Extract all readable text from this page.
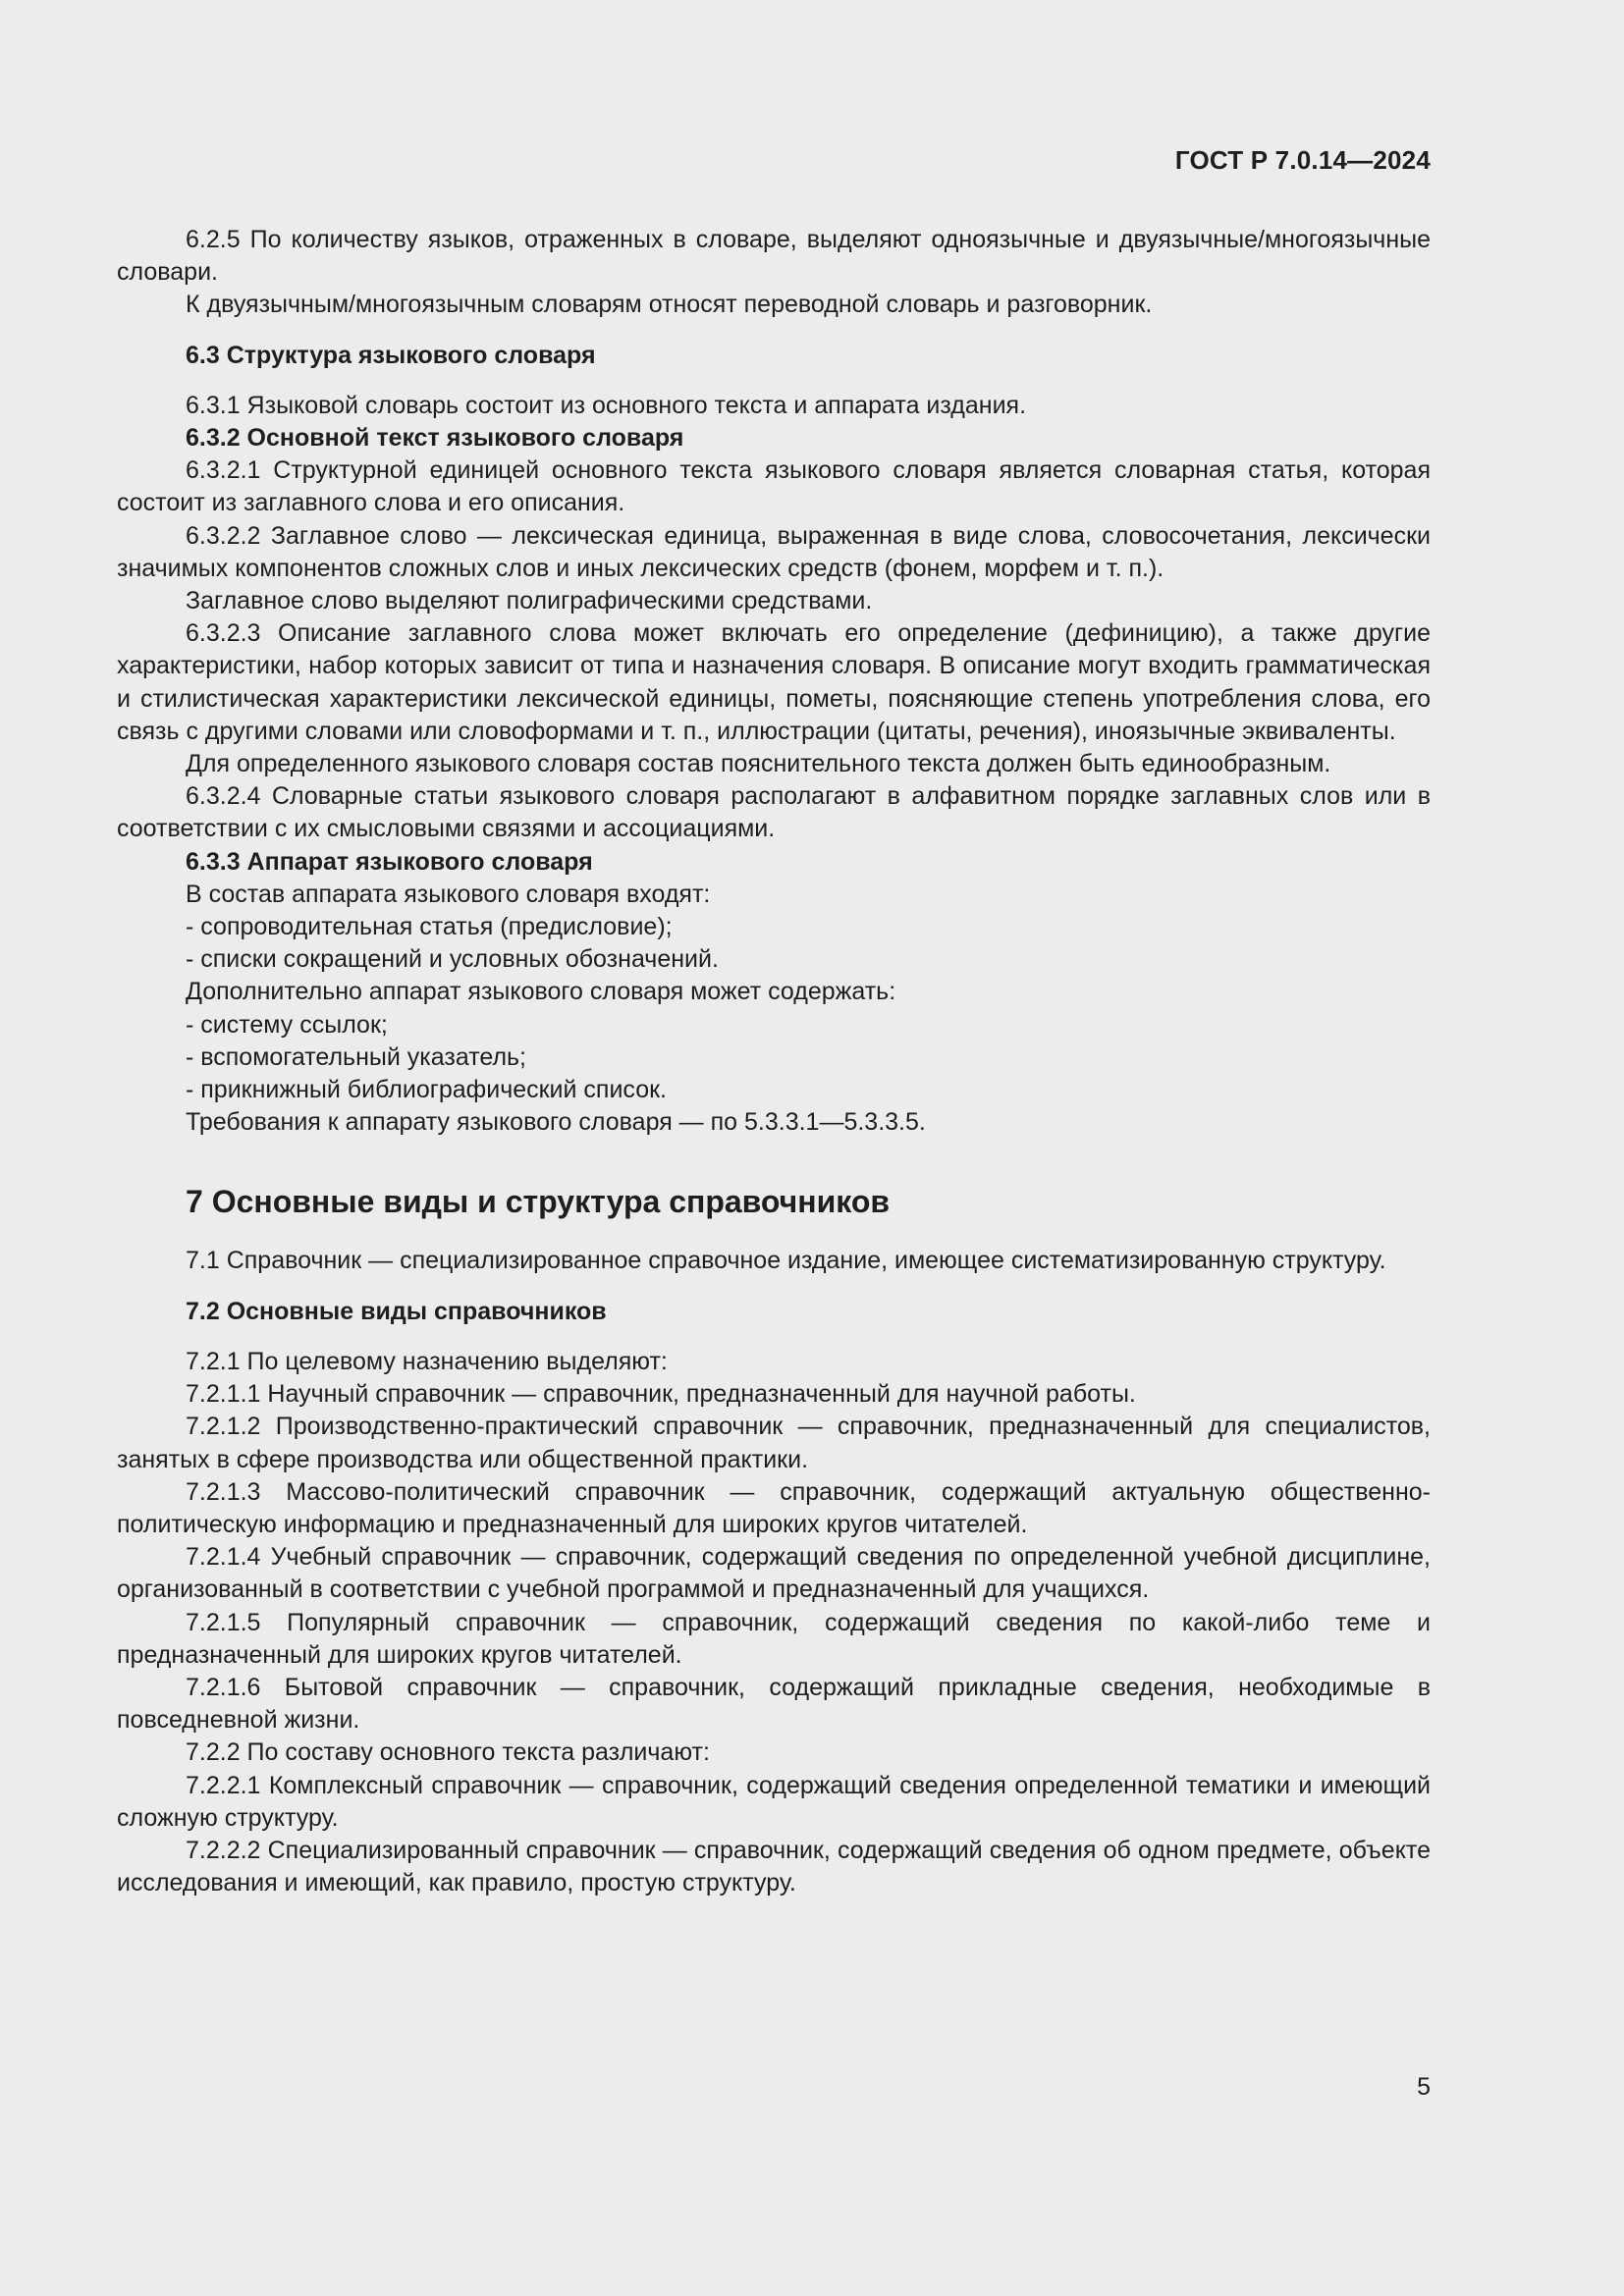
ГОСТ Р 7.0.14—2024

6.2.5 По количеству языков, отраженных в словаре, выделяют одноязычные и двуязычные/многоязычные словари.

К двуязычным/многоязычным словарям относят переводной словарь и разговорник.

6.3 Структура языкового словаря

6.3.1 Языковой словарь состоит из основного текста и аппарата издания.

6.3.2 Основной текст языкового словаря

6.3.2.1 Структурной единицей основного текста языкового словаря является словарная статья, которая состоит из заглавного слова и его описания.

6.3.2.2 Заглавное слово — лексическая единица, выраженная в виде слова, словосочетания, лексически значимых компонентов сложных слов и иных лексических средств (фонем, морфем и т. п.).

Заглавное слово выделяют полиграфическими средствами.

6.3.2.3 Описание заглавного слова может включать его определение (дефиницию), а также другие характеристики, набор которых зависит от типа и назначения словаря. В описание могут входить грамматическая и стилистическая характеристики лексической единицы, пометы, поясняющие степень употребления слова, его связь с другими словами или словоформами и т. п., иллюстрации (цитаты, речения), иноязычные эквиваленты.

Для определенного языкового словаря состав пояснительного текста должен быть единообразным.

6.3.2.4 Словарные статьи языкового словаря располагают в алфавитном порядке заглавных слов или в соответствии с их смысловыми связями и ассоциациями.

6.3.3 Аппарат языкового словаря

В состав аппарата языкового словаря входят:

- сопроводительная статья (предисловие);

- списки сокращений и условных обозначений.

Дополнительно аппарат языкового словаря может содержать:

- систему ссылок;

- вспомогательный указатель;

- прикнижный библиографический список.

Требования к аппарату языкового словаря — по 5.3.3.1—5.3.3.5.

7 Основные виды и структура справочников

7.1 Справочник — специализированное справочное издание, имеющее систематизированную структуру.

7.2 Основные виды справочников

7.2.1 По целевому назначению выделяют:

7.2.1.1 Научный справочник — справочник, предназначенный для научной работы.

7.2.1.2 Производственно-практический справочник — справочник, предназначенный для специалистов, занятых в сфере производства или общественной практики.

7.2.1.3 Массово-политический справочник — справочник, содержащий актуальную общественно-политическую информацию и предназначенный для широких кругов читателей.

7.2.1.4 Учебный справочник — справочник, содержащий сведения по определенной учебной дисциплине, организованный в соответствии с учебной программой и предназначенный для учащихся.

7.2.1.5 Популярный справочник — справочник, содержащий сведения по какой-либо теме и предназначенный для широких кругов читателей.

7.2.1.6 Бытовой справочник — справочник, содержащий прикладные сведения, необходимые в повседневной жизни.

7.2.2 По составу основного текста различают:

7.2.2.1 Комплексный справочник — справочник, содержащий сведения определенной тематики и имеющий сложную структуру.

7.2.2.2 Специализированный справочник — справочник, содержащий сведения об одном предмете, объекте исследования и имеющий, как правило, простую структуру.

5
